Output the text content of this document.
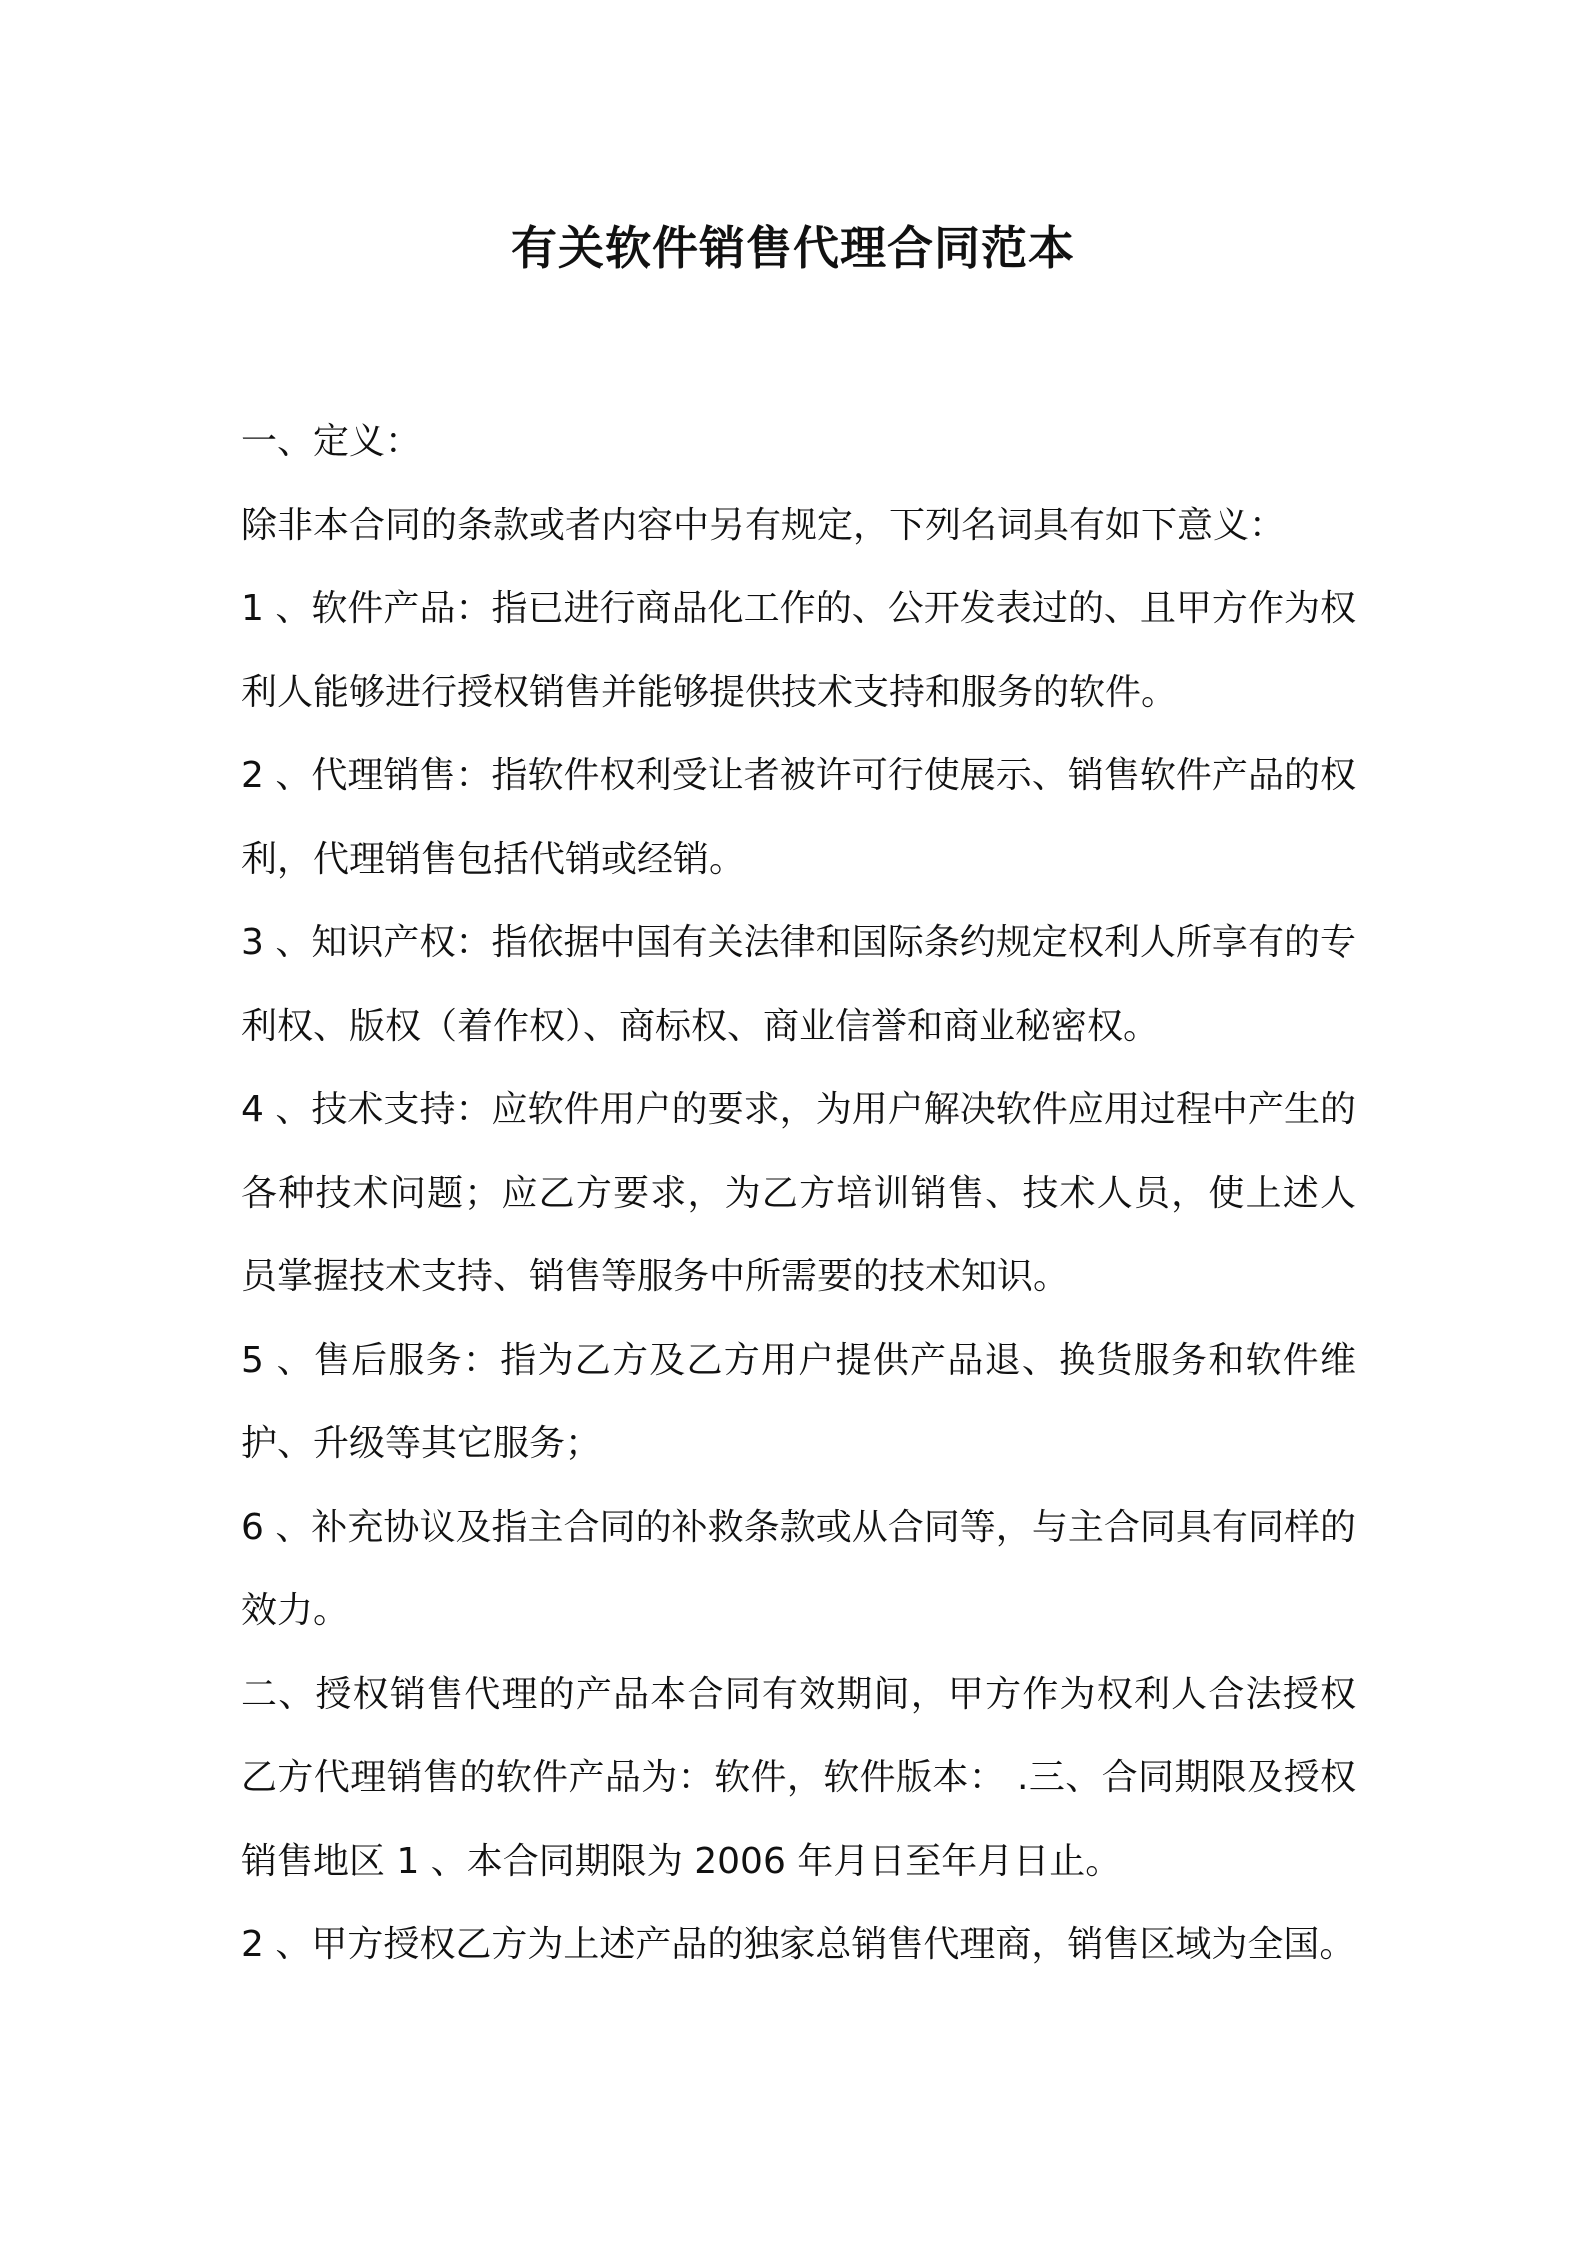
有关软件销售代理合同范本

一、定义：

除非本合同的条款或者内容中另有规定，下列名词具有如下意义：

1 、软件产品：指已进行商品化工作的、公开发表过的、且甲方作为权利人能够进行授权销售并能够提供技术支持和服务的软件。

2 、代理销售：指软件权利受让者被许可行使展示、销售软件产品的权利，代理销售包括代销或经销。

3 、知识产权：指依据中国有关法律和国际条约规定权利人所享有的专利权、版权（着作权）、商标权、商业信誉和商业秘密权。

4 、技术支持：应软件用户的要求，为用户解决软件应用过程中产生的各种技术问题；应乙方要求，为乙方培训销售、技术人员，使上述人员掌握技术支持、销售等服务中所需要的技术知识。

5 、售后服务：指为乙方及乙方用户提供产品退、换货服务和软件维护、升级等其它服务；

6 、补充协议及指主合同的补救条款或从合同等，与主合同具有同样的效力。

二、授权销售代理的产品本合同有效期间，甲方作为权利人合法授权乙方代理销售的软件产品为：软件，软件版本： .三、合同期限及授权销售地区 1 、本合同期限为 2006 年月日至年月日止。

2 、甲方授权乙方为上述产品的独家总销售代理商，销售区域为全国。
